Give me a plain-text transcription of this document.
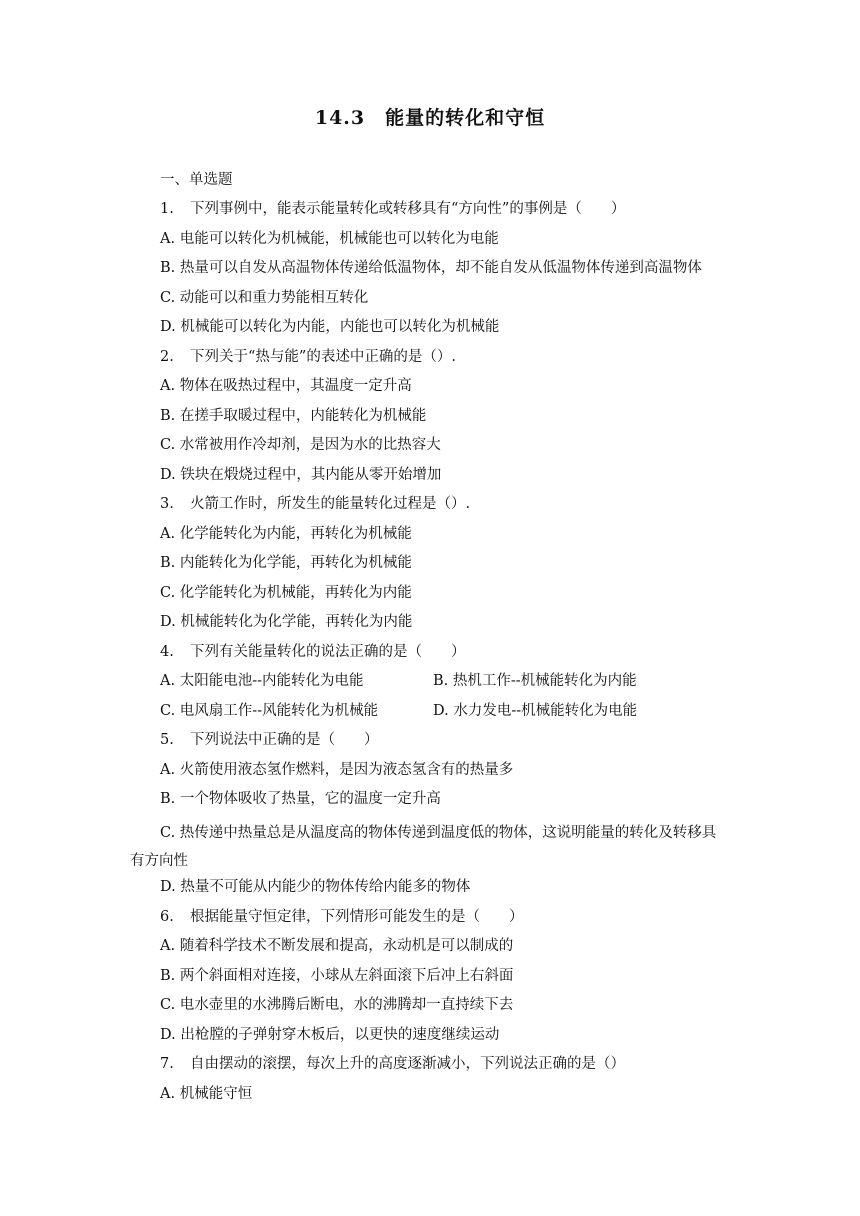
14.3　能量的转化和守恒
一、单选题
1. 下列事例中，能表示能量转化或转移具有“方向性”的事例是（　　）
A. 电能可以转化为机械能，机械能也可以转化为电能
B. 热量可以自发从高温物体传递给低温物体，却不能自发从低温物体传递到高温物体
C. 动能可以和重力势能相互转化
D. 机械能可以转化为内能，内能也可以转化为机械能
2. 下列关于“热与能”的表述中正确的是（）.
A. 物体在吸热过程中，其温度一定升高
B. 在搓手取暖过程中，内能转化为机械能
C. 水常被用作冷却剂，是因为水的比热容大
D. 铁块在煅烧过程中，其内能从零开始增加
3. 火箭工作时，所发生的能量转化过程是（）.
A. 化学能转化为内能，再转化为机械能
B. 内能转化为化学能，再转化为机械能
C. 化学能转化为机械能，再转化为内能
D. 机械能转化为化学能，再转化为内能
4. 下列有关能量转化的说法正确的是（　　）
A. 太阳能电池--内能转化为电能	B. 热机工作--机械能转化为内能
C. 电风扇工作--风能转化为机械能	D. 水力发电--机械能转化为电能
5. 下列说法中正确的是（　　）
A. 火箭使用液态氢作燃料，是因为液态氢含有的热量多
B. 一个物体吸收了热量，它的温度一定升高
C. 热传递中热量总是从温度高的物体传递到温度低的物体，这说明能量的转化及转移具有方向性
D. 热量不可能从内能少的物体传给内能多的物体
6. 根据能量守恒定律，下列情形可能发生的是（　　）
A. 随着科学技术不断发展和提高，永动机是可以制成的
B. 两个斜面相对连接，小球从左斜面滚下后冲上右斜面
C. 电水壶里的水沸腾后断电，水的沸腾却一直持续下去
D. 出枪膛的子弹射穿木板后，以更快的速度继续运动
7. 自由摆动的滚摆，每次上升的高度逐渐减小，下列说法正确的是（）
A. 机械能守恒
